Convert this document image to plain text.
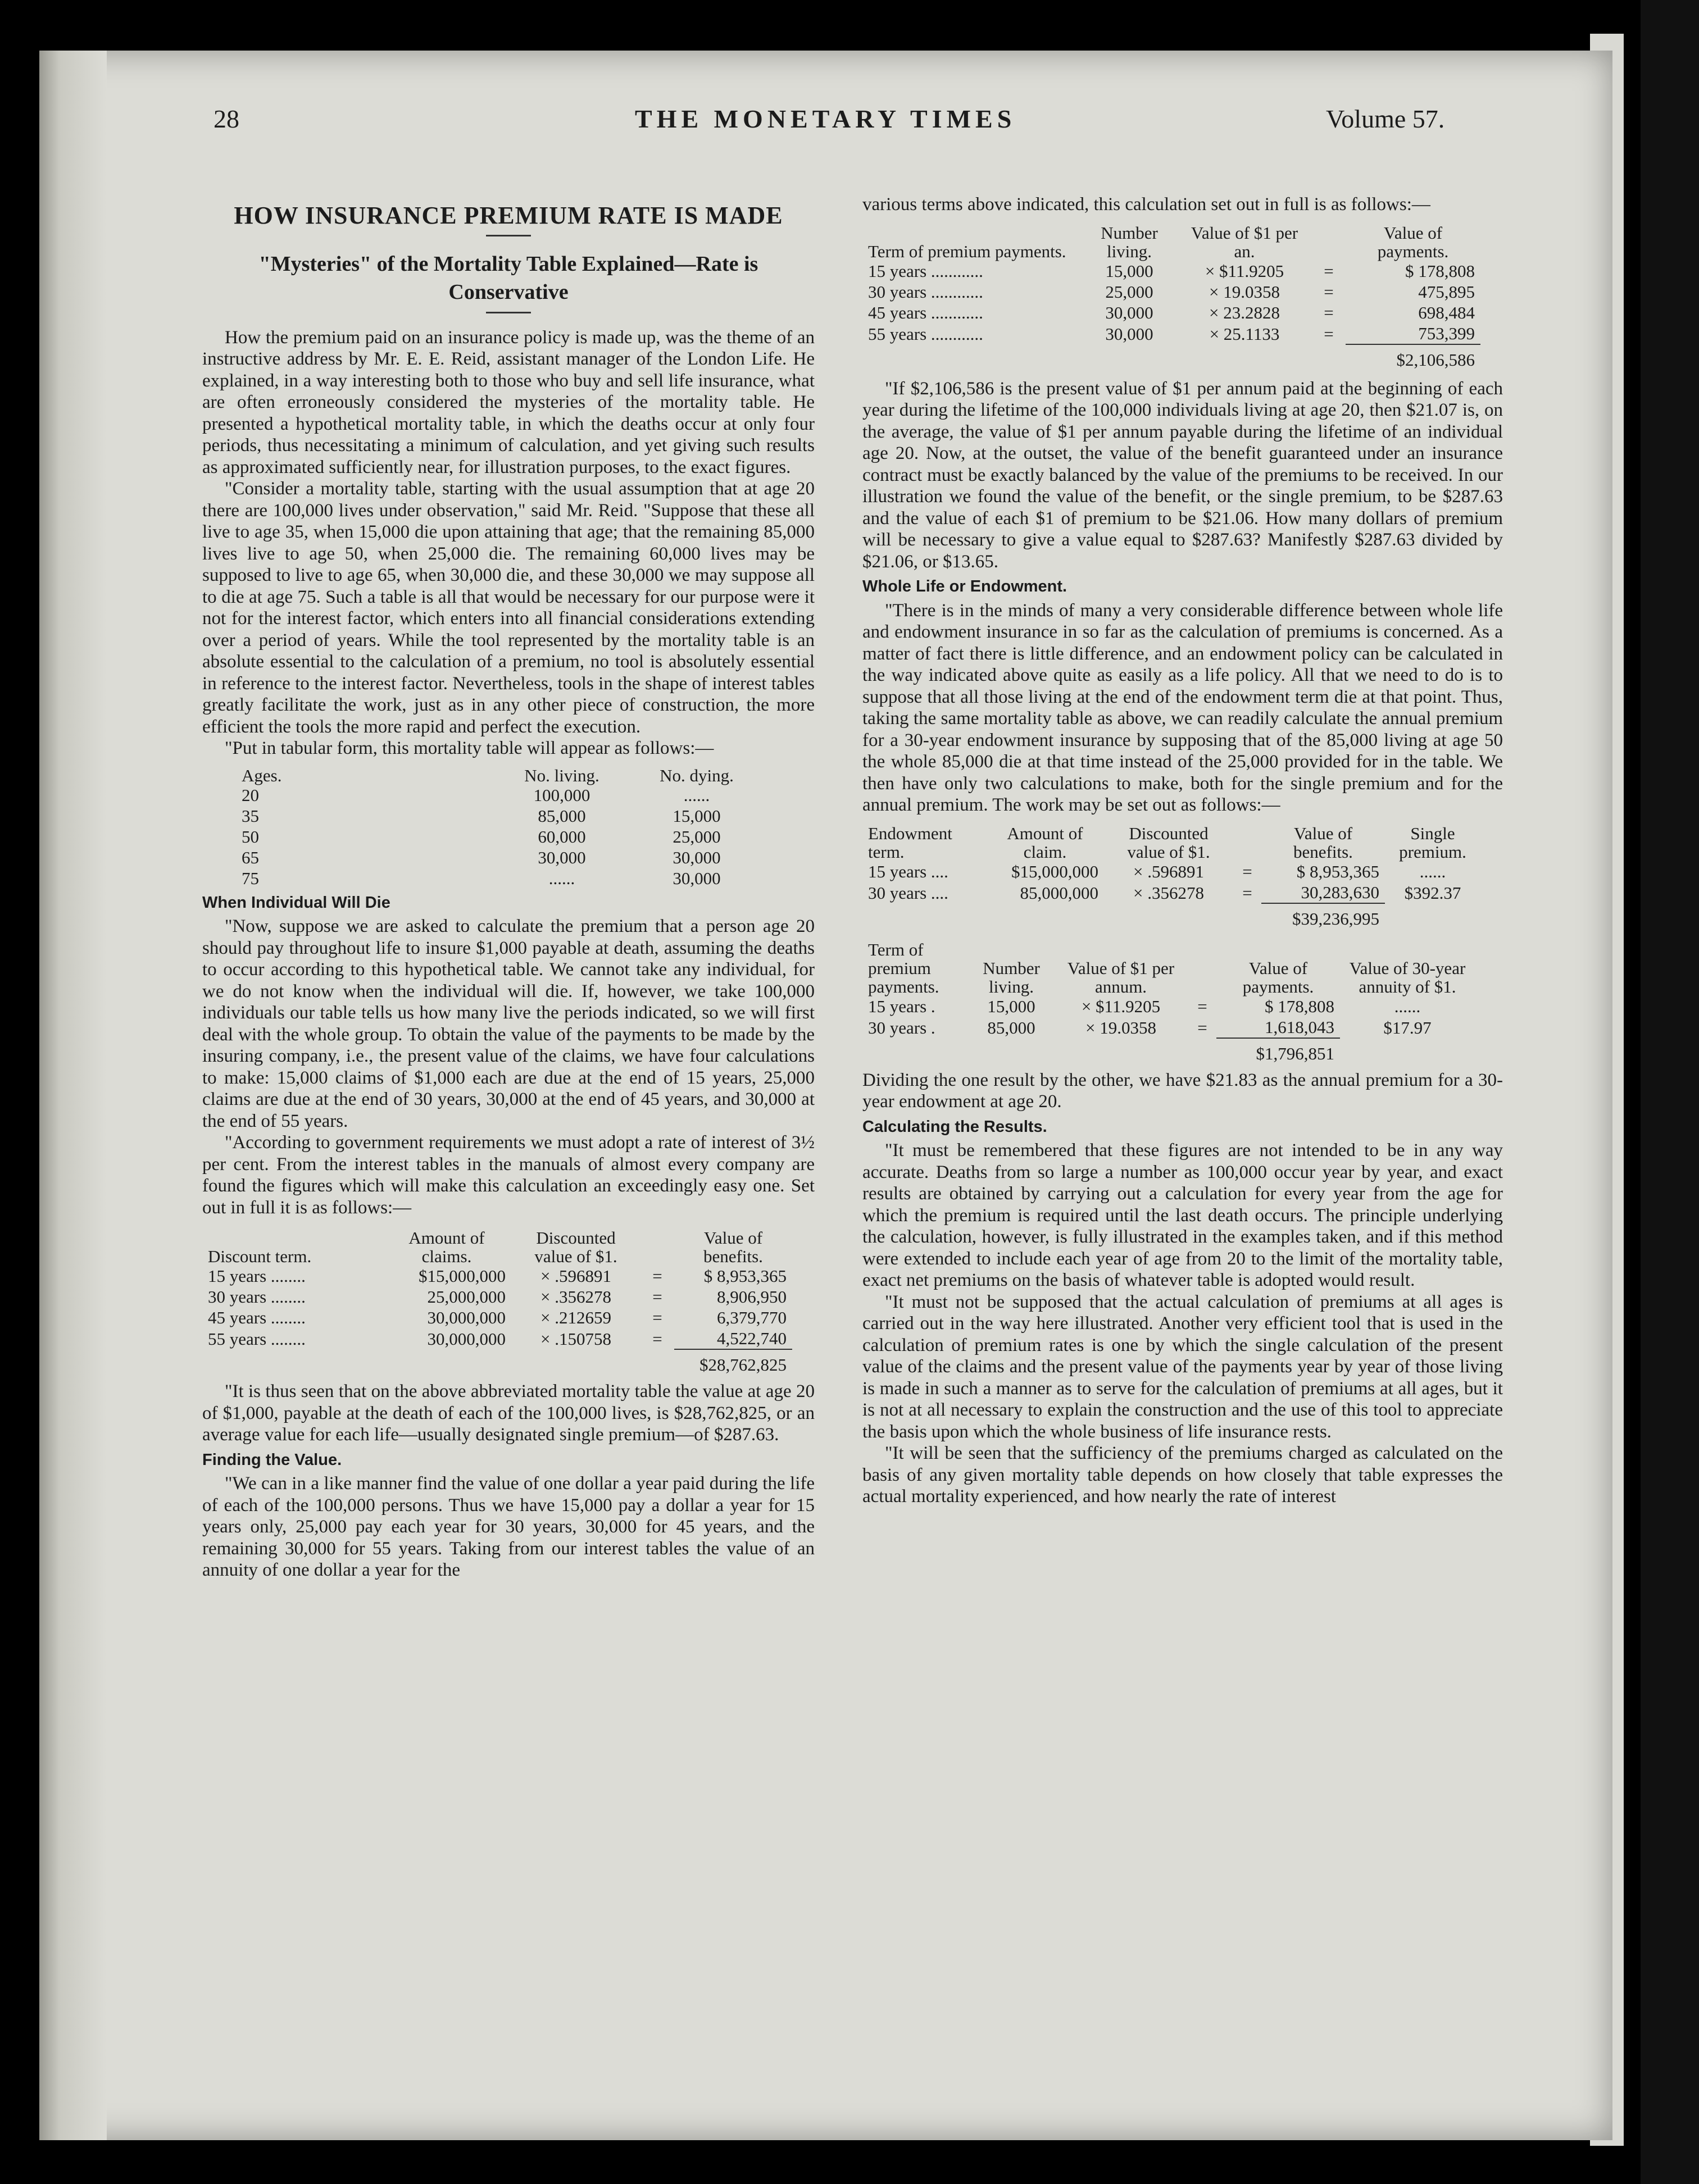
28	THE MONETARY TIMES	Volume 57.
HOW INSURANCE PREMIUM RATE IS MADE
"Mysteries" of the Mortality Table Explained—Rate is Conservative

How the premium paid on an insurance policy is made up, was the theme of an instructive address by Mr. E. E. Reid, assistant manager of the London Life. He explained, in a way interesting both to those who buy and sell life insurance, what are often erroneously considered the mysteries of the mortality table. He presented a hypothetical mortality table, in which the deaths occur at only four periods, thus necessitating a minimum of calculation, and yet giving such results as approximated sufficiently near, for illustration purposes, to the exact figures.

"Consider a mortality table, starting with the usual assumption that at age 20 there are 100,000 lives under observation," said Mr. Reid. "Suppose that these all live to age 35, when 15,000 die upon attaining that age; that the remaining 85,000 lives live to age 50, when 25,000 die. The remaining 60,000 lives may be supposed to live to age 65, when 30,000 die, and these 30,000 we may suppose all to die at age 75. Such a table is all that would be necessary for our purpose were it not for the interest factor, which enters into all financial considerations extending over a period of years. While the tool represented by the mortality table is an absolute essential to the calculation of a premium, no tool is absolutely essential in reference to the interest factor. Nevertheless, tools in the shape of interest tables greatly facilitate the work, just as in any other piece of construction, the more efficient the tools the more rapid and perfect the execution.

"Put in tabular form, this mortality table will appear as follows:—

Ages.	No. living.	No. dying.
20	100,000	......
35	85,000	15,000
50	60,000	25,000
65	30,000	30,000
75	......	30,000
When Individual Will Die

"Now, suppose we are asked to calculate the premium that a person age 20 should pay throughout life to insure $1,000 payable at death, assuming the deaths to occur according to this hypothetical table. We cannot take any individual, for we do not know when the individual will die. If, however, we take 100,000 individuals our table tells us how many live the periods indicated, so we will first deal with the whole group. To obtain the value of the payments to be made by the insuring company, i.e., the present value of the claims, we have four calculations to make: 15,000 claims of $1,000 each are due at the end of 15 years, 25,000 claims are due at the end of 30 years, 30,000 at the end of 45 years, and 30,000 at the end of 55 years.

"According to government requirements we must adopt a rate of interest of 3½ per cent. From the interest tables in the manuals of almost every company are found the figures which will make this calculation an exceedingly easy one. Set out in full it is as follows:—

Discount term.	Amount of claims.	Discounted value of $1.		Value of benefits.
15 years ........	$15,000,000	× .596891	=	$ 8,953,365
30 years ........	25,000,000	× .356278	=	8,906,950
45 years ........	30,000,000	× .212659	=	6,379,770
55 years ........	30,000,000	× .150758	=	4,522,740
				$28,762,825

"It is thus seen that on the above abbreviated mortality table the value at age 20 of $1,000, payable at the death of each of the 100,000 lives, is $28,762,825, or an average value for each life—usually designated single premium—of $287.63.

Finding the Value.

"We can in a like manner find the value of one dollar a year paid during the life of each of the 100,000 persons. Thus we have 15,000 pay a dollar a year for 15 years only, 25,000 pay each year for 30 years, 30,000 for 45 years, and the remaining 30,000 for 55 years. Taking from our interest tables the value of an annuity of one dollar a year for the

various terms above indicated, this calculation set out in full is as follows:—

Term of premium payments.	Number living.	Value of $1 per an.		Value of payments.
15 years ............	15,000	× $11.9205	=	$ 178,808
30 years ............	25,000	× 19.0358	=	475,895
45 years ............	30,000	× 23.2828	=	698,484
55 years ............	30,000	× 25.1133	=	753,399
				$2,106,586

"If $2,106,586 is the present value of $1 per annum paid at the beginning of each year during the lifetime of the 100,000 individuals living at age 20, then $21.07 is, on the average, the value of $1 per annum payable during the lifetime of an individual age 20. Now, at the outset, the value of the benefit guaranteed under an insurance contract must be exactly balanced by the value of the premiums to be received. In our illustration we found the value of the benefit, or the single premium, to be $287.63 and the value of each $1 of premium to be $21.06. How many dollars of premium will be necessary to give a value equal to $287.63? Manifestly $287.63 divided by $21.06, or $13.65.

Whole Life or Endowment.

"There is in the minds of many a very considerable difference between whole life and endowment insurance in so far as the calculation of premiums is concerned. As a matter of fact there is little difference, and an endowment policy can be calculated in the way indicated above quite as easily as a life policy. All that we need to do is to suppose that all those living at the end of the endowment term die at that point. Thus, taking the same mortality table as above, we can readily calculate the annual premium for a 30-year endowment insurance by supposing that of the 85,000 living at age 50 the whole 85,000 die at that time instead of the 25,000 provided for in the table. We then have only two calculations to make, both for the single premium and for the annual premium. The work may be set out as follows:—

Endowment term.	Amount of claim.	Discounted value of $1.		Value of benefits.	Single premium.
15 years ....	$15,000,000	× .596891	=	$ 8,953,365	......
30 years ....	85,000,000	× .356278	=	30,283,630	$392.37
				$39,236,995	
Term of premium payments.	Number living.	Value of $1 per annum.		Value of payments.	Value of 30-year annuity of $1.
15 years .	15,000	× $11.9205	=	$ 178,808	......
30 years .	85,000	× 19.0358	=	1,618,043	$17.97
				$1,796,851	

Dividing the one result by the other, we have $21.83 as the annual premium for a 30-year endowment at age 20.

Calculating the Results.

"It must be remembered that these figures are not intended to be in any way accurate. Deaths from so large a number as 100,000 occur year by year, and exact results are obtained by carrying out a calculation for every year from the age for which the premium is required until the last death occurs. The principle underlying the calculation, however, is fully illustrated in the examples taken, and if this method were extended to include each year of age from 20 to the limit of the mortality table, exact net premiums on the basis of whatever table is adopted would result.

"It must not be supposed that the actual calculation of premiums at all ages is carried out in the way here illustrated. Another very efficient tool that is used in the calculation of premium rates is one by which the single calculation of the present value of the claims and the present value of the payments year by year of those living is made in such a manner as to serve for the calculation of premiums at all ages, but it is not at all necessary to explain the construction and the use of this tool to appreciate the basis upon which the whole business of life insurance rests.

"It will be seen that the sufficiency of the premiums charged as calculated on the basis of any given mortality table depends on how closely that table expresses the actual mortality experienced, and how nearly the rate of interest
